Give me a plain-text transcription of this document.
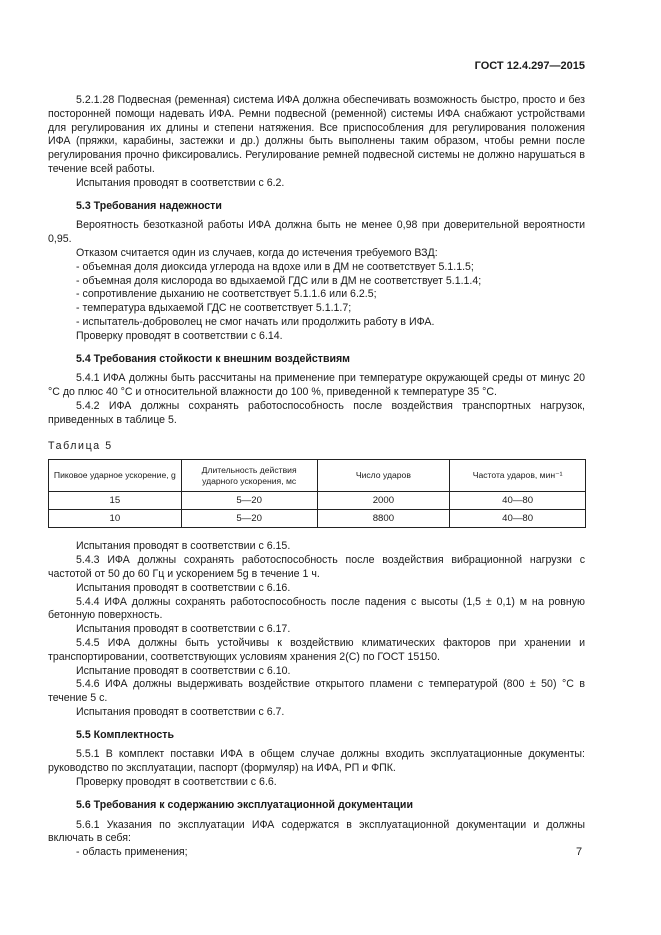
ГОСТ 12.4.297—2015

5.2.1.28 Подвесная (ременная) система ИФА должна обеспечивать возможность быстро, просто и без посторонней помощи надевать ИФА. Ремни подвесной (ременной) системы ИФА снабжают устройствами для регулирования их длины и степени натяжения. Все приспособления для регулирования положения ИФА (пряжки, карабины, застежки и др.) должны быть выполнены таким образом, чтобы ремни после регулирования прочно фиксировались. Регулирование ремней подвесной системы не должно нарушаться в течение всей работы.

Испытания проводят в соответствии с 6.2.

5.3 Требования надежности

Вероятность безотказной работы ИФА должна быть не менее 0,98 при доверительной вероятности 0,95.

Отказом считается один из случаев, когда до истечения требуемого ВЗД:

- объемная доля диоксида углерода на вдохе или в ДМ не соответствует 5.1.1.5;

- объемная доля кислорода во вдыхаемой ГДС или в ДМ не соответствует 5.1.1.4;

- сопротивление дыханию не соответствует 5.1.1.6 или 6.2.5;

- температура вдыхаемой ГДС не соответствует 5.1.1.7;

- испытатель-доброволец не смог начать или продолжить работу в ИФА.

Проверку проводят в соответствии с 6.14.

5.4 Требования стойкости к внешним воздействиям

5.4.1 ИФА должны быть рассчитаны на применение при температуре окружающей среды от минус 20 °С до плюс 40 °С и относительной влажности до 100 %, приведенной к температуре 35 °С.

5.4.2 ИФА должны сохранять работоспособность после воздействия транспортных нагрузок, приведенных в таблице 5.

Таблица 5
Пиковое ударное ускорение, g	Длительность действия ударного ускорения, мс	Число ударов	Частота ударов, мин⁻¹
15	5—20	2000	40—80
10	5—20	8800	40—80

Испытания проводят в соответствии с 6.15.

5.4.3 ИФА должны сохранять работоспособность после воздействия вибрационной нагрузки с частотой от 50 до 60 Гц и ускорением 5g в течение 1 ч.

Испытания проводят в соответствии с 6.16.

5.4.4 ИФА должны сохранять работоспособность после падения с высоты (1,5 ± 0,1) м на ровную бетонную поверхность.

Испытания проводят в соответствии с 6.17.

5.4.5 ИФА должны быть устойчивы к воздействию климатических факторов при хранении и транспортировании, соответствующих условиям хранения 2(С) по ГОСТ 15150.

Испытание проводят в соответствии с 6.10.

5.4.6 ИФА должны выдерживать воздействие открытого пламени с температурой (800 ± 50) °С в течение 5 с.

Испытания проводят в соответствии с 6.7.

5.5 Комплектность

5.5.1 В комплект поставки ИФА в общем случае должны входить эксплуатационные документы: руководство по эксплуатации, паспорт (формуляр) на ИФА, РП и ФПК.

Проверку проводят в соответствии с 6.6.

5.6 Требования к содержанию эксплуатационной документации

5.6.1 Указания по эксплуатации ИФА содержатся в эксплуатационной документации и должны включать в себя:

- область применения;	7
